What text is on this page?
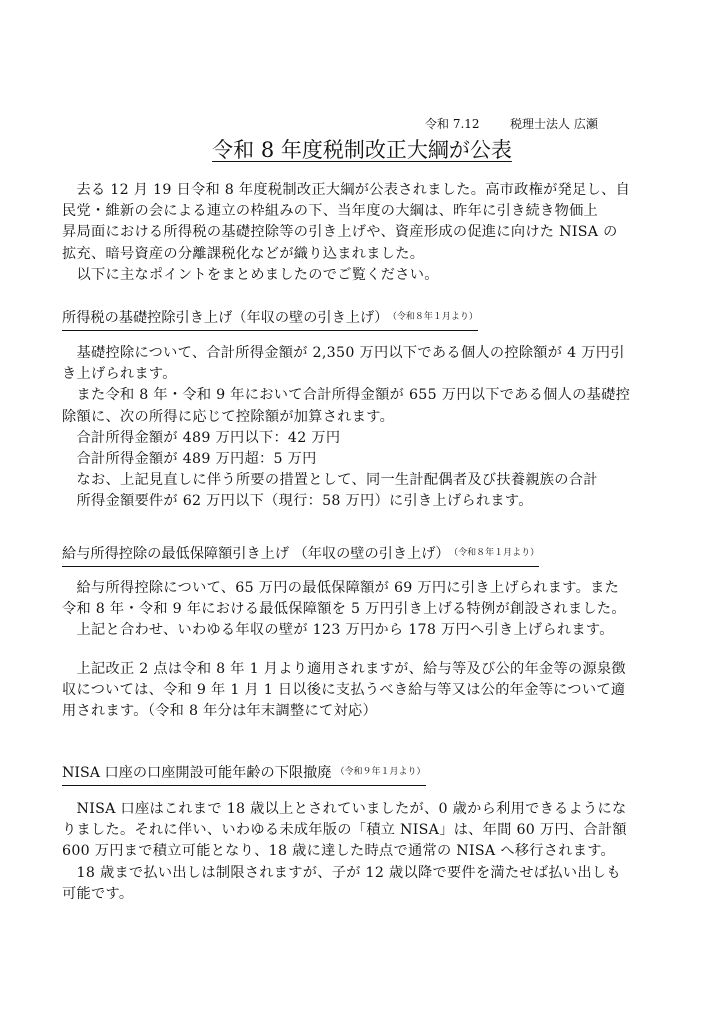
令和 7.12	税理士法人 広瀬
令和 8 年度税制改正大綱が公表

　去る 12 月 19 日令和 8 年度税制改正大綱が公表されました。高市政権が発足し、自
民党・維新の会による連立の枠組みの下、当年度の大綱は、昨年に引き続き物価上
昇局面における所得税の基礎控除等の引き上げや、資産形成の促進に向けた NISA の
拡充、暗号資産の分離課税化などが織り込まれました。

　以下に主なポイントをまとめましたのでご覧ください。

所得税の基礎控除引き上げ（年収の壁の引き上げ） $^{(令和8年1月より)}$

　基礎控除について、合計所得金額が 2,350 万円以下である個人の控除額が 4 万円引
き上げられます。
　また令和 8 年・令和 9 年において合計所得金額が 655 万円以下である個人の基礎控
除額に、次の所得に応じて控除額が加算されます。
　合計所得金額が 489 万円以下：42 万円
　合計所得金額が 489 万円超：5 万円
　なお、上記見直しに伴う所要の措置として、同一生計配偶者及び扶養親族の合計
　所得金額要件が 62 万円以下（現行：58 万円）に引き上げられます。

給与所得控除の最低保障額引き上げ （年収の壁の引き上げ） $^{(令和8年1月より)}$

　給与所得控除について、65 万円の最低保障額が 69 万円に引き上げられます。また
令和 8 年・令和 9 年における最低保障額を 5 万円引き上げる特例が創設されました。
　上記と合わせ、いわゆる年収の壁が 123 万円から 178 万円へ引き上げられます。

　上記改正 2 点は令和 8 年 1 月より適用されますが、給与等及び公的年金等の源泉徴
収については、令和 9 年 1 月 1 日以後に支払うべき給与等又は公的年金等について適
用されます。（令和 8 年分は年末調整にて対応）

NISA 口座の口座開設可能年齢の下限撤廃 $^{(令和9年1月より)}$

　NISA 口座はこれまで 18 歳以上とされていましたが、0 歳から利用できるようにな
りました。それに伴い、いわゆる未成年版の「積立 NISA」は、年間 60 万円、合計額
600 万円まで積立可能となり、18 歳に達した時点で通常の NISA へ移行されます。
　18 歳まで払い出しは制限されますが、子が 12 歳以降で要件を満たせば払い出しも
可能です。
